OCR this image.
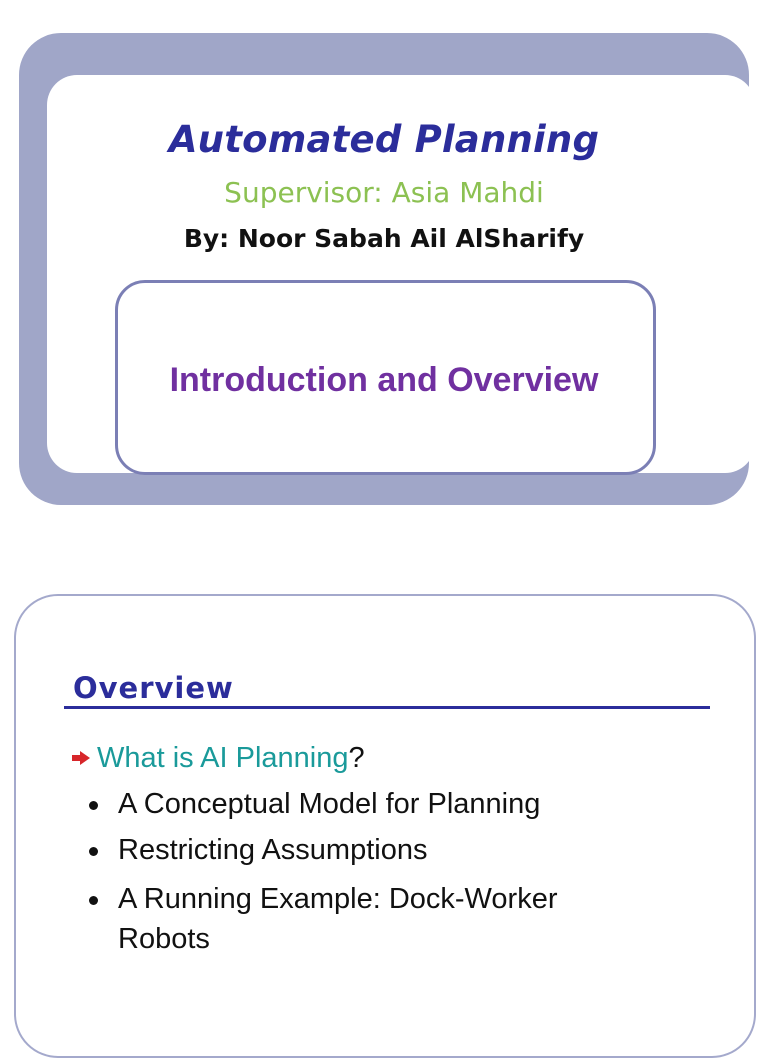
Automated Planning
Supervisor: Asia Mahdi
By: Noor Sabah Ail AlSharify
Introduction and Overview
Overview
What is AI Planning?
A Conceptual Model for Planning
Restricting Assumptions
A Running Example: Dock-Worker Robots
